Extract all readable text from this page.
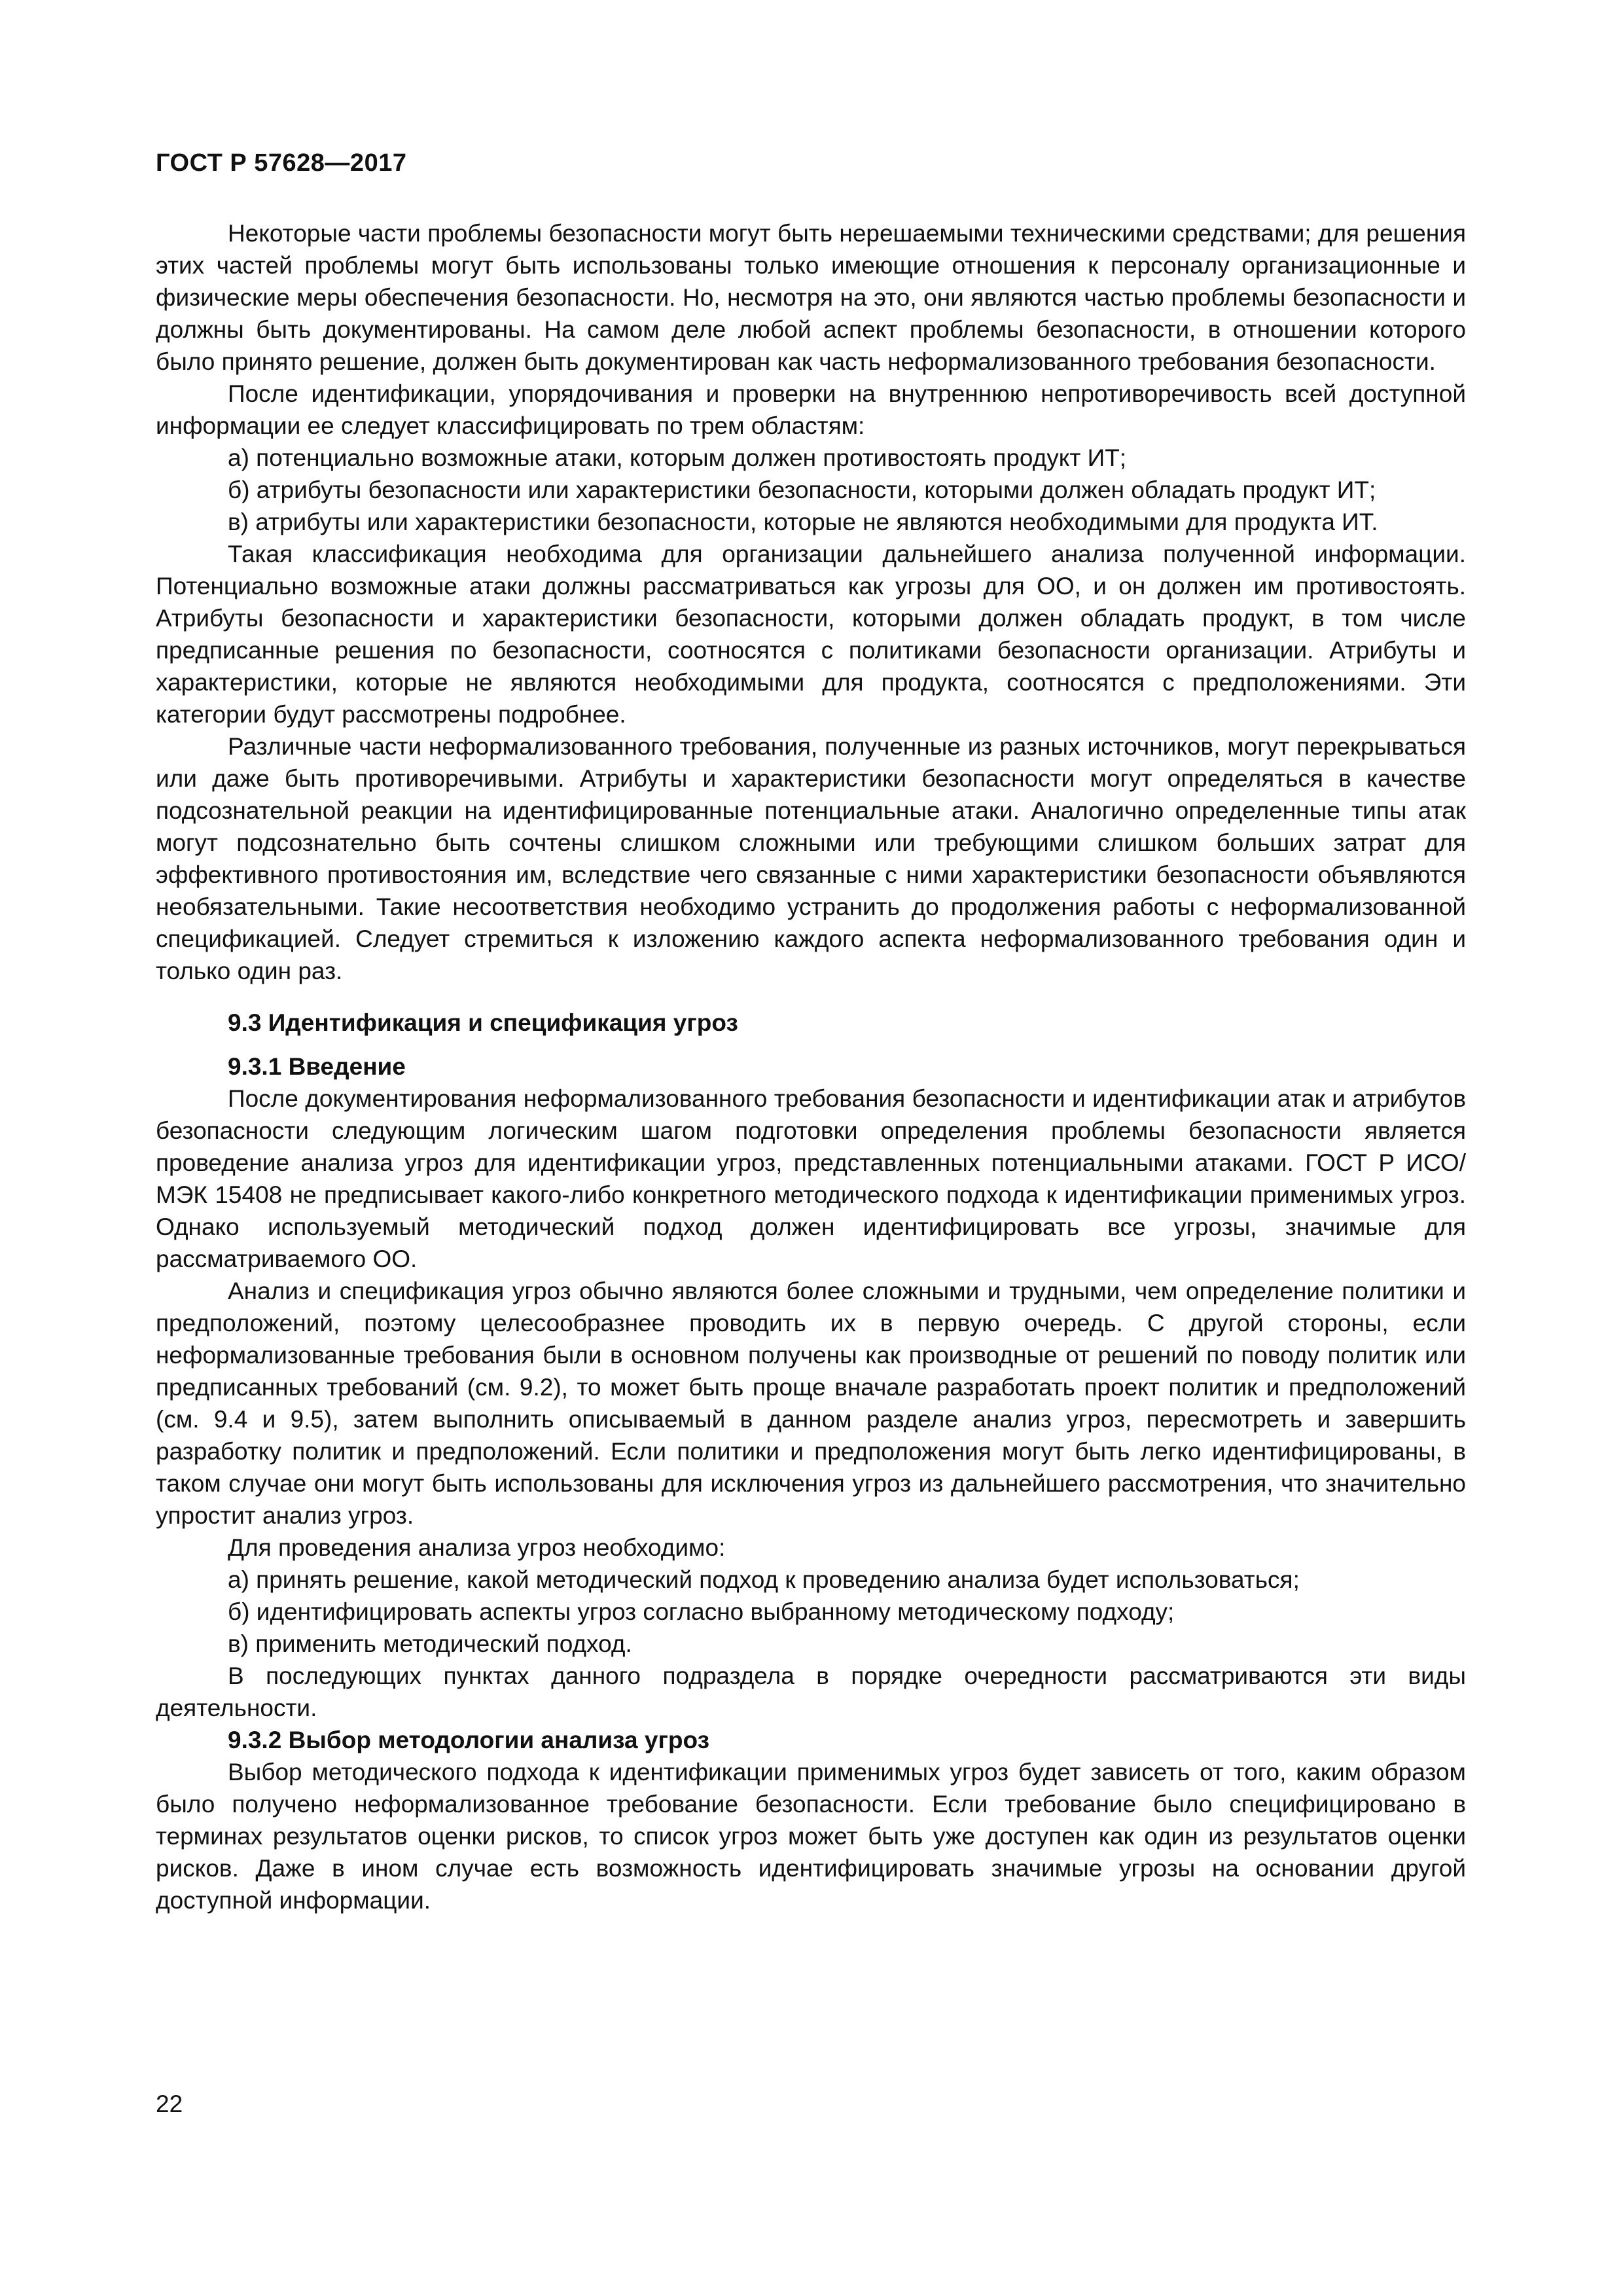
ГОСТ Р 57628—2017

Некоторые части проблемы безопасности могут быть нерешаемыми техническими средствами; для решения этих частей проблемы могут быть использованы только имеющие отношения к персоналу организационные и физические меры обеспечения безопасности. Но, несмотря на это, они являются частью проблемы безопасности и должны быть документированы. На самом деле любой аспект проблемы безопасности, в отношении которого было принято решение, должен быть документирован как часть неформализованного требования безопасности.

После идентификации, упорядочивания и проверки на внутреннюю непротиворечивость всей доступной информации ее следует классифицировать по трем областям:

а) потенциально возможные атаки, которым должен противостоять продукт ИТ;

б) атрибуты безопасности или характеристики безопасности, которыми должен обладать продукт ИТ;

в) атрибуты или характеристики безопасности, которые не являются необходимыми для продукта ИТ.

Такая классификация необходима для организации дальнейшего анализа полученной информации. Потенциально возможные атаки должны рассматриваться как угрозы для ОО, и он должен им противостоять. Атрибуты безопасности и характеристики безопасности, которыми должен обладать продукт, в том числе предписанные решения по безопасности, соотносятся с политиками безопасности организации. Атрибуты и характеристики, которые не являются необходимыми для продукта, соотносятся с предположениями. Эти категории будут рассмотрены подробнее.

Различные части неформализованного требования, полученные из разных источников, могут перекрываться или даже быть противоречивыми. Атрибуты и характеристики безопасности могут определяться в качестве подсознательной реакции на идентифицированные потенциальные атаки. Аналогично определенные типы атак могут подсознательно быть сочтены слишком сложными или требующими слишком больших затрат для эффективного противостояния им, вследствие чего связанные с ними характеристики безопасности объявляются необязательными. Такие несоответствия необходимо устранить до продолжения работы с неформализованной спецификацией. Следует стремиться к изложению каждого аспекта неформализованного требования один и только один раз.

9.3 Идентификация и спецификация угроз

9.3.1 Введение

После документирования неформализованного требования безопасности и идентификации атак и атрибутов безопасности следующим логическим шагом подготовки определения проблемы безопасности является проведение анализа угроз для идентификации угроз, представленных потенциальными атаками. ГОСТ Р ИСО/МЭК 15408 не предписывает какого-либо конкретного методического подхода к идентификации применимых угроз. Однако используемый методический подход должен идентифицировать все угрозы, значимые для рассматриваемого ОО.

Анализ и спецификация угроз обычно являются более сложными и трудными, чем определение политики и предположений, поэтому целесообразнее проводить их в первую очередь. С другой стороны, если неформализованные требования были в основном получены как производные от решений по поводу политик или предписанных требований (см. 9.2), то может быть проще вначале разработать проект политик и предположений (см. 9.4 и 9.5), затем выполнить описываемый в данном разделе анализ угроз, пересмотреть и завершить разработку политик и предположений. Если политики и предположения могут быть легко идентифицированы, в таком случае они могут быть использованы для исключения угроз из дальнейшего рассмотрения, что значительно упростит анализ угроз.

Для проведения анализа угроз необходимо:

а) принять решение, какой методический подход к проведению анализа будет использоваться;

б) идентифицировать аспекты угроз согласно выбранному методическому подходу;

в) применить методический подход.

В последующих пунктах данного подраздела в порядке очередности рассматриваются эти виды деятельности.

9.3.2 Выбор методологии анализа угроз

Выбор методического подхода к идентификации применимых угроз будет зависеть от того, каким образом было получено неформализованное требование безопасности. Если требование было специфицировано в терминах результатов оценки рисков, то список угроз может быть уже доступен как один из результатов оценки рисков. Даже в ином случае есть возможность идентифицировать значимые угрозы на основании другой доступной информации.

22
